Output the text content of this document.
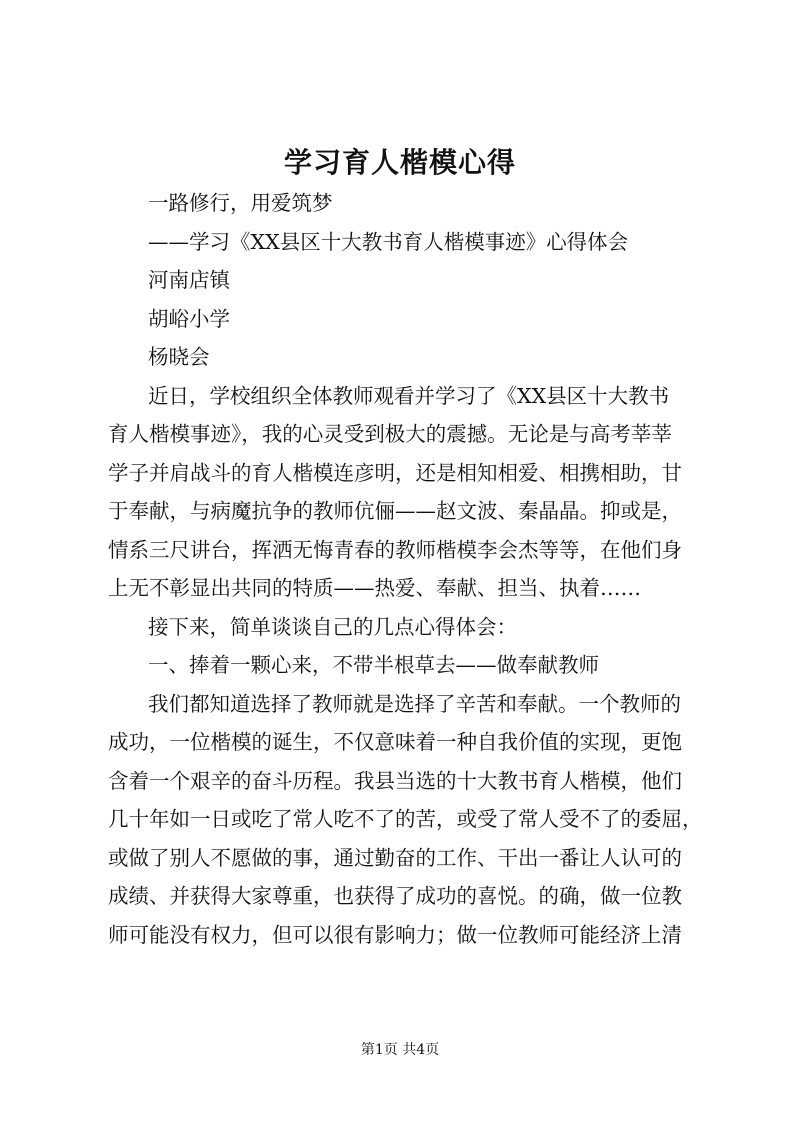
学习育人楷模心得
一路修行，用爱筑梦
——学习《XX县区十大教书育人楷模事迹》心得体会
河南店镇
胡峪小学
杨晓会
近日，学校组织全体教师观看并学习了《XX县区十大教书
育人楷模事迹》，我的心灵受到极大的震撼。无论是与高考莘莘
学子并肩战斗的育人楷模连彦明，还是相知相爱、相携相助，甘
于奉献，与病魔抗争的教师伉俪——赵文波、秦晶晶。抑或是，
情系三尺讲台，挥洒无悔青春的教师楷模李会杰等等，在他们身
上无不彰显出共同的特质——热爱、奉献、担当、执着……
接下来，简单谈谈自己的几点心得体会：
一、捧着一颗心来，不带半根草去——做奉献教师
我们都知道选择了教师就是选择了辛苦和奉献。一个教师的
成功，一位楷模的诞生，不仅意味着一种自我价值的实现，更饱
含着一个艰辛的奋斗历程。我县当选的十大教书育人楷模，他们
几十年如一日或吃了常人吃不了的苦，或受了常人受不了的委屈，
或做了别人不愿做的事，通过勤奋的工作、干出一番让人认可的
成绩、并获得大家尊重，也获得了成功的喜悦。的确，做一位教
师可能没有权力，但可以很有影响力；做一位教师可能经济上清
第1页 共4页
